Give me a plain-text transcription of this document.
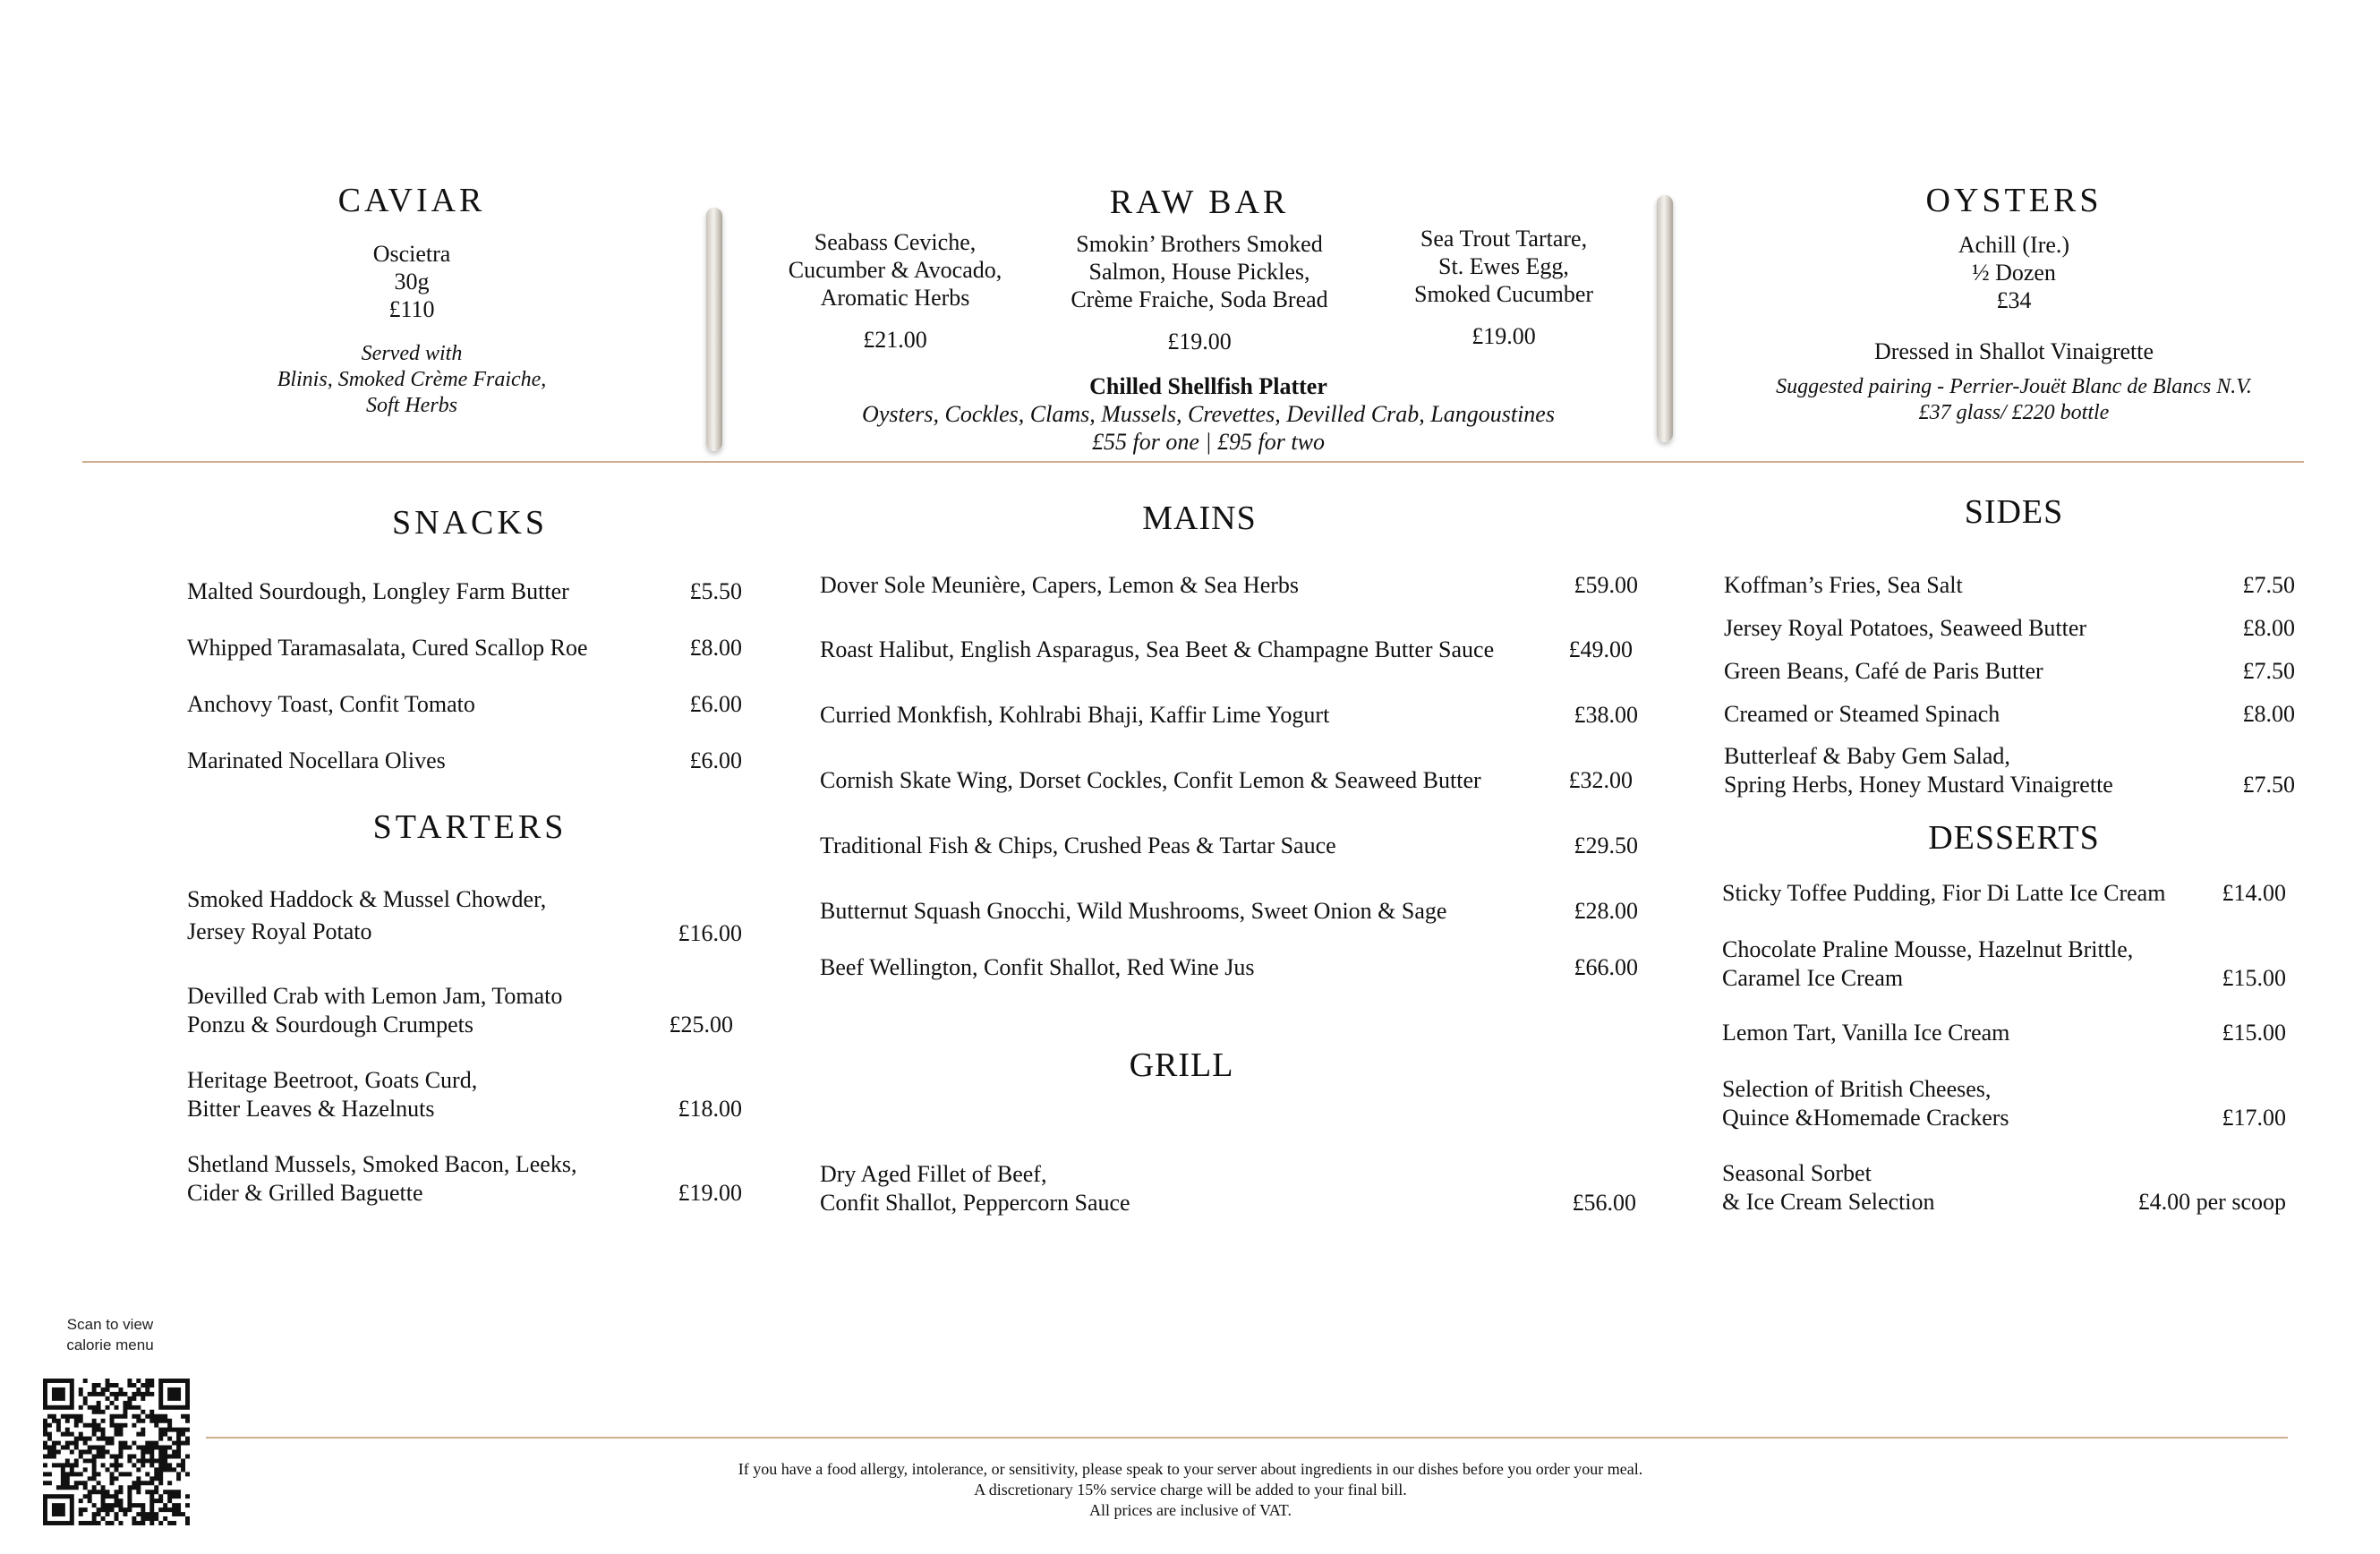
CAVIAR
Oscietra
30g
£110
Served with
Blinis, Smoked Crème Fraiche,
Soft Herbs
RAW BAR
Seabass Ceviche,
Cucumber & Avocado,
Aromatic Herbs
£21.00
Smokin’ Brothers Smoked
Salmon, House Pickles,
Crème Fraiche, Soda Bread
£19.00
Sea Trout Tartare,
St. Ewes Egg,
Smoked Cucumber
£19.00
Chilled Shellfish Platter
Oysters, Cockles, Clams, Mussels, Crevettes, Devilled Crab, Langoustines
£55 for one | £95 for two
OYSTERS
Achill (Ire.)
½ Dozen
£34
Dressed in Shallot Vinaigrette
Suggested pairing - Perrier-Jouët Blanc de Blancs N.V.
£37 glass/ £220 bottle
SNACKS
Malted Sourdough, Longley Farm Butter	£5.50
Whipped Taramasalata, Cured Scallop Roe	£8.00
Anchovy Toast, Confit Tomato	£6.00
Marinated Nocellara Olives	£6.00
STARTERS
Smoked Haddock & Mussel Chowder,
Jersey Royal Potato	£16.00
Devilled Crab with Lemon Jam, Tomato
Ponzu & Sourdough Crumpets	£25.00
Heritage Beetroot, Goats Curd,
Bitter Leaves & Hazelnuts	£18.00
Shetland Mussels, Smoked Bacon, Leeks,
Cider & Grilled Baguette	£19.00
MAINS
Dover Sole Meunière, Capers, Lemon & Sea Herbs	£59.00
Roast Halibut, English Asparagus, Sea Beet & Champagne Butter Sauce	£49.00
Curried Monkfish, Kohlrabi Bhaji, Kaffir Lime Yogurt	£38.00
Cornish Skate Wing, Dorset Cockles, Confit Lemon & Seaweed Butter	£32.00
Traditional Fish & Chips, Crushed Peas & Tartar Sauce	£29.50
Butternut Squash Gnocchi, Wild Mushrooms, Sweet Onion & Sage	£28.00
Beef Wellington, Confit Shallot, Red Wine Jus	£66.00
GRILL
Dry Aged Fillet of Beef,
Confit Shallot, Peppercorn Sauce	£56.00
SIDES
Koffman’s Fries, Sea Salt	£7.50
Jersey Royal Potatoes, Seaweed Butter	£8.00
Green Beans, Café de Paris Butter	£7.50
Creamed or Steamed Spinach	£8.00
Butterleaf & Baby Gem Salad,
Spring Herbs, Honey Mustard Vinaigrette	£7.50
DESSERTS
Sticky Toffee Pudding, Fior Di Latte Ice Cream £14.00
Chocolate Praline Mousse, Hazelnut Brittle,
Caramel Ice Cream	£15.00
Lemon Tart, Vanilla Ice Cream	£15.00
Selection of British Cheeses,
Quince &Homemade Crackers	£17.00
Seasonal Sorbet
& Ice Cream Selection	£4.00 per scoop
Scan to view
calorie menu
If you have a food allergy, intolerance, or sensitivity, please speak to your server about ingredients in our dishes before you order your meal.
A discretionary 15% service charge will be added to your final bill.
All prices are inclusive of VAT.
